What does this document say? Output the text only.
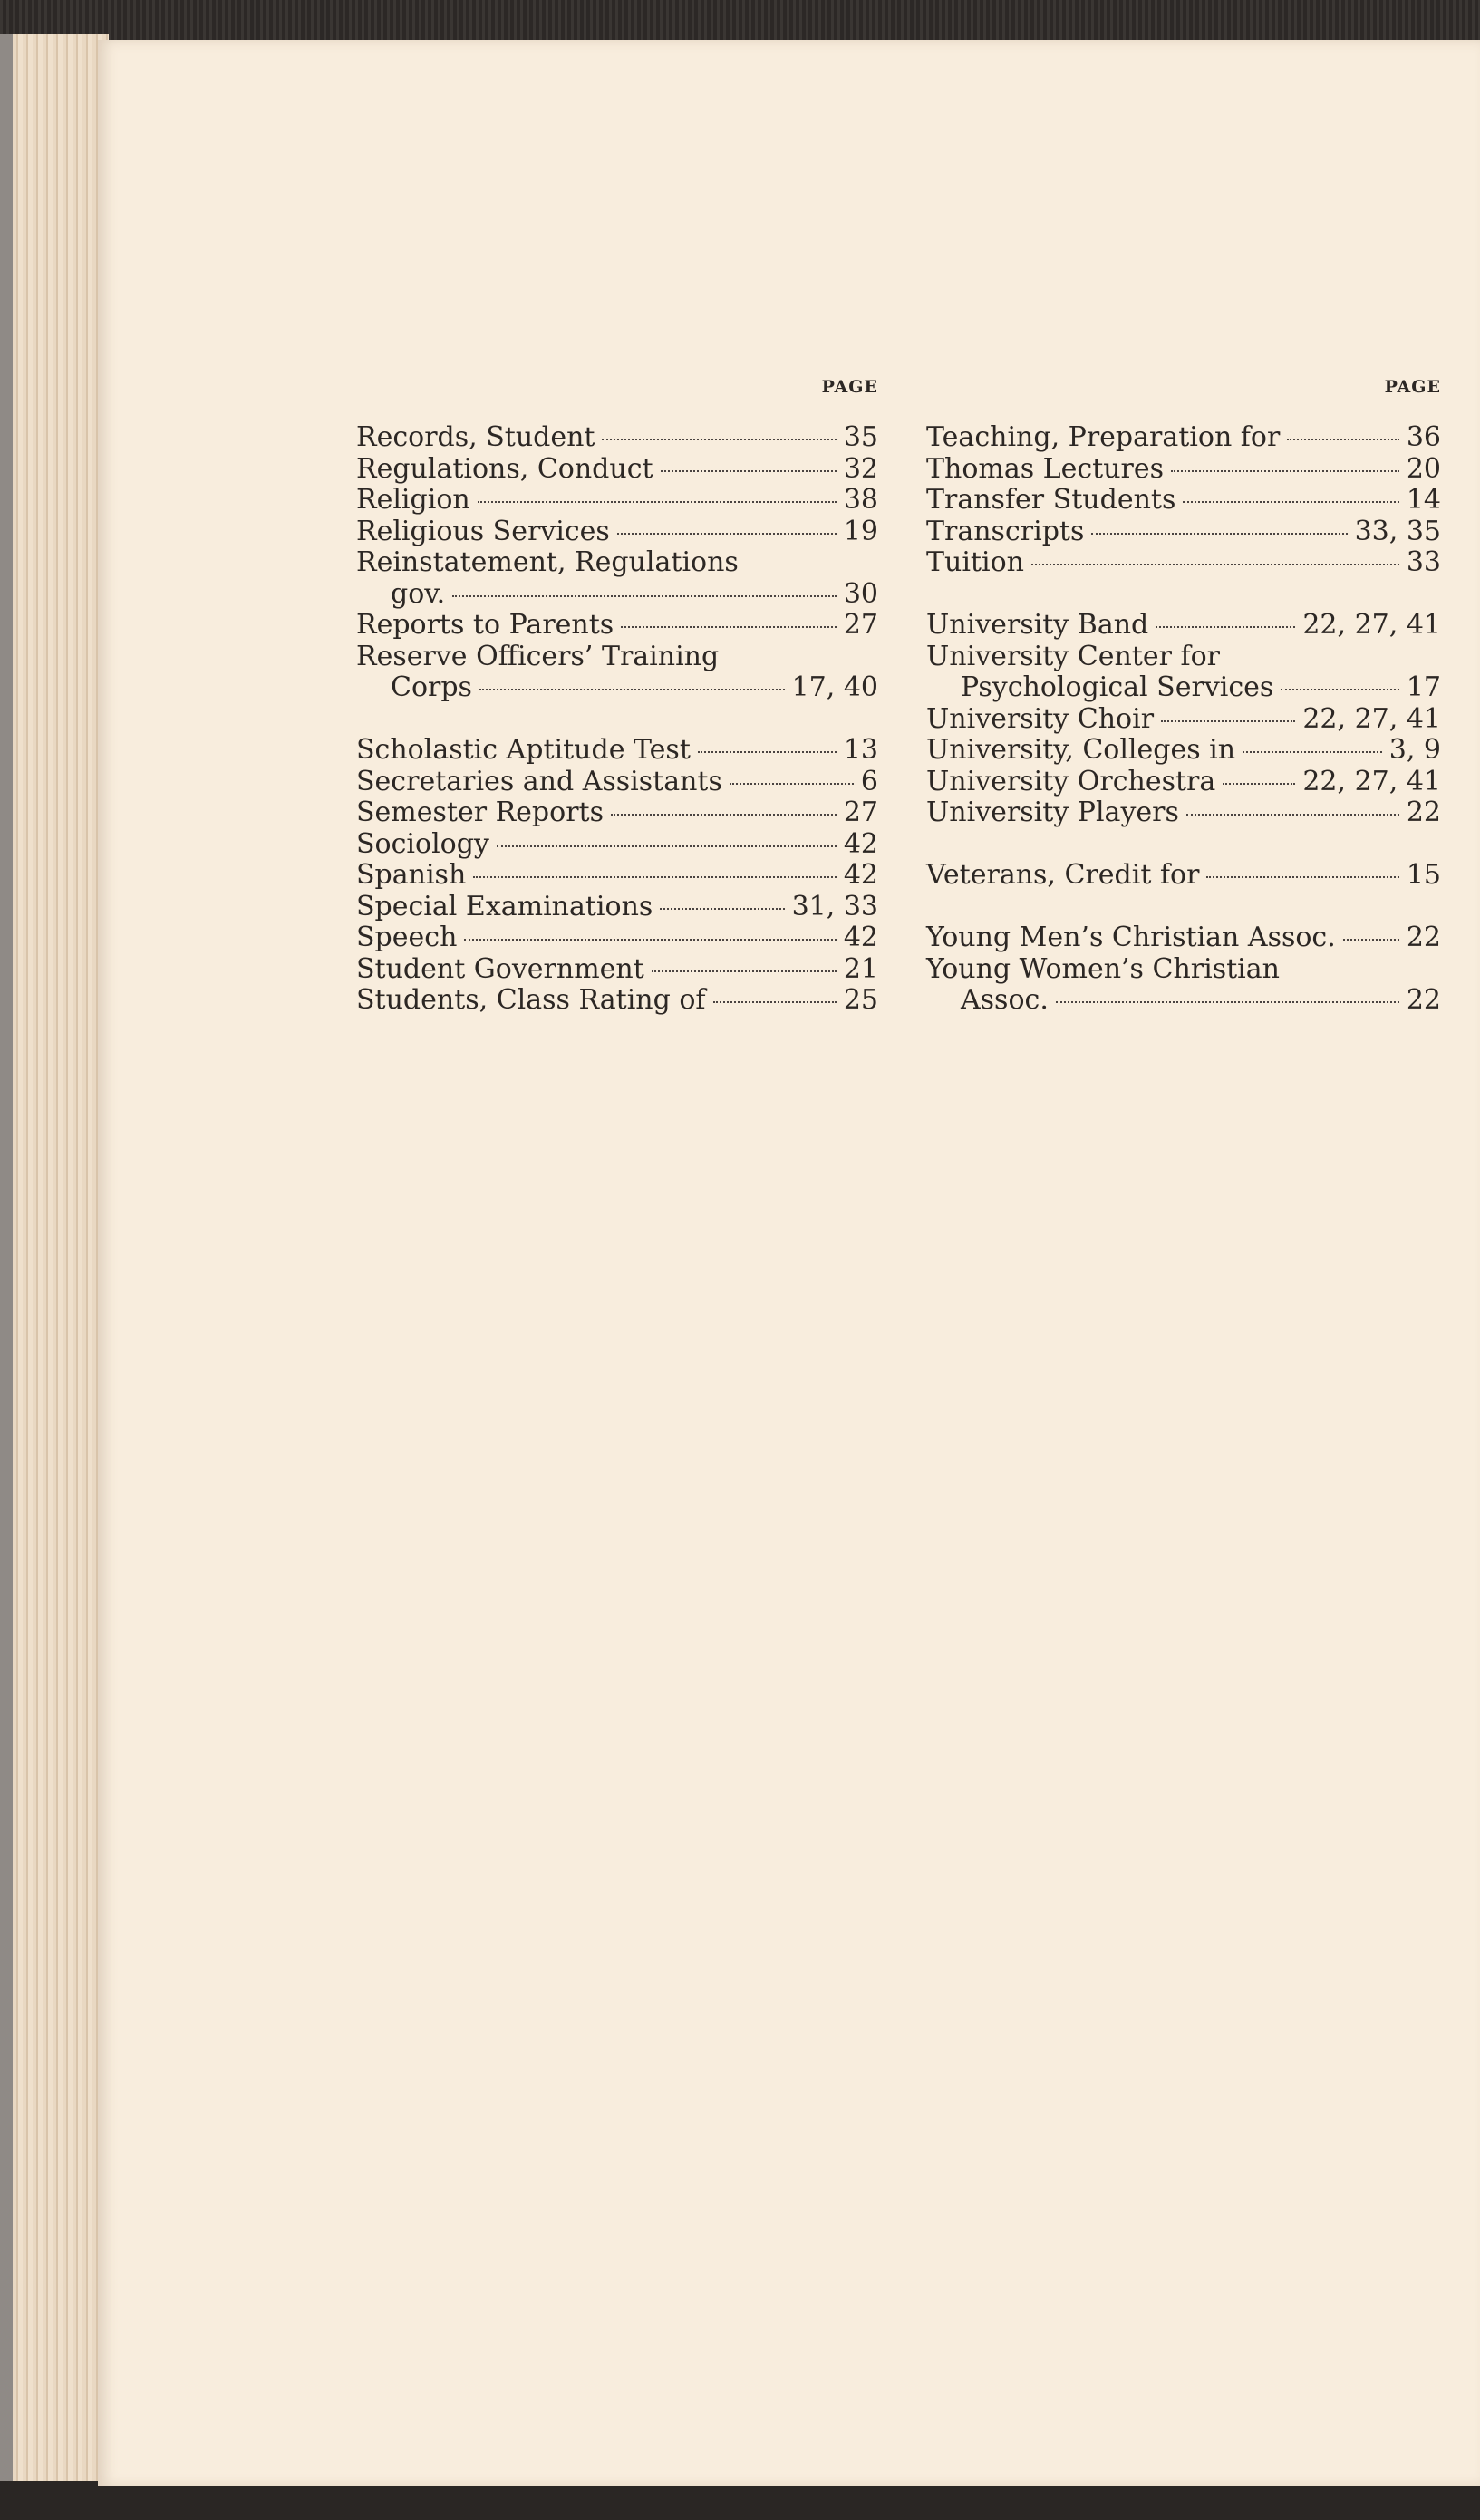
PAGE
Records, Student	35
Regulations, Conduct	32
Religion	38
Religious Services	19
Reinstatement, Regulations
gov.	30
Reports to Parents	27
Reserve Officers’ Training
Corps	17, 40
Scholastic Aptitude Test	13
Secretaries and Assistants	6
Semester Reports	27
Sociology	42
Spanish	42
Special Examinations	31, 33
Speech	42
Student Government	21
Students, Class Rating of	25
PAGE
Teaching, Preparation for	36
Thomas Lectures	20
Transfer Students	14
Transcripts	33, 35
Tuition	33
University Band	22, 27, 41
University Center for
Psychological Services	17
University Choir	22, 27, 41
University, Colleges in	3, 9
University Orchestra	22, 27, 41
University Players	22
Veterans, Credit for	15
Young Men’s Christian Assoc.	22
Young Women’s Christian
Assoc.	22
